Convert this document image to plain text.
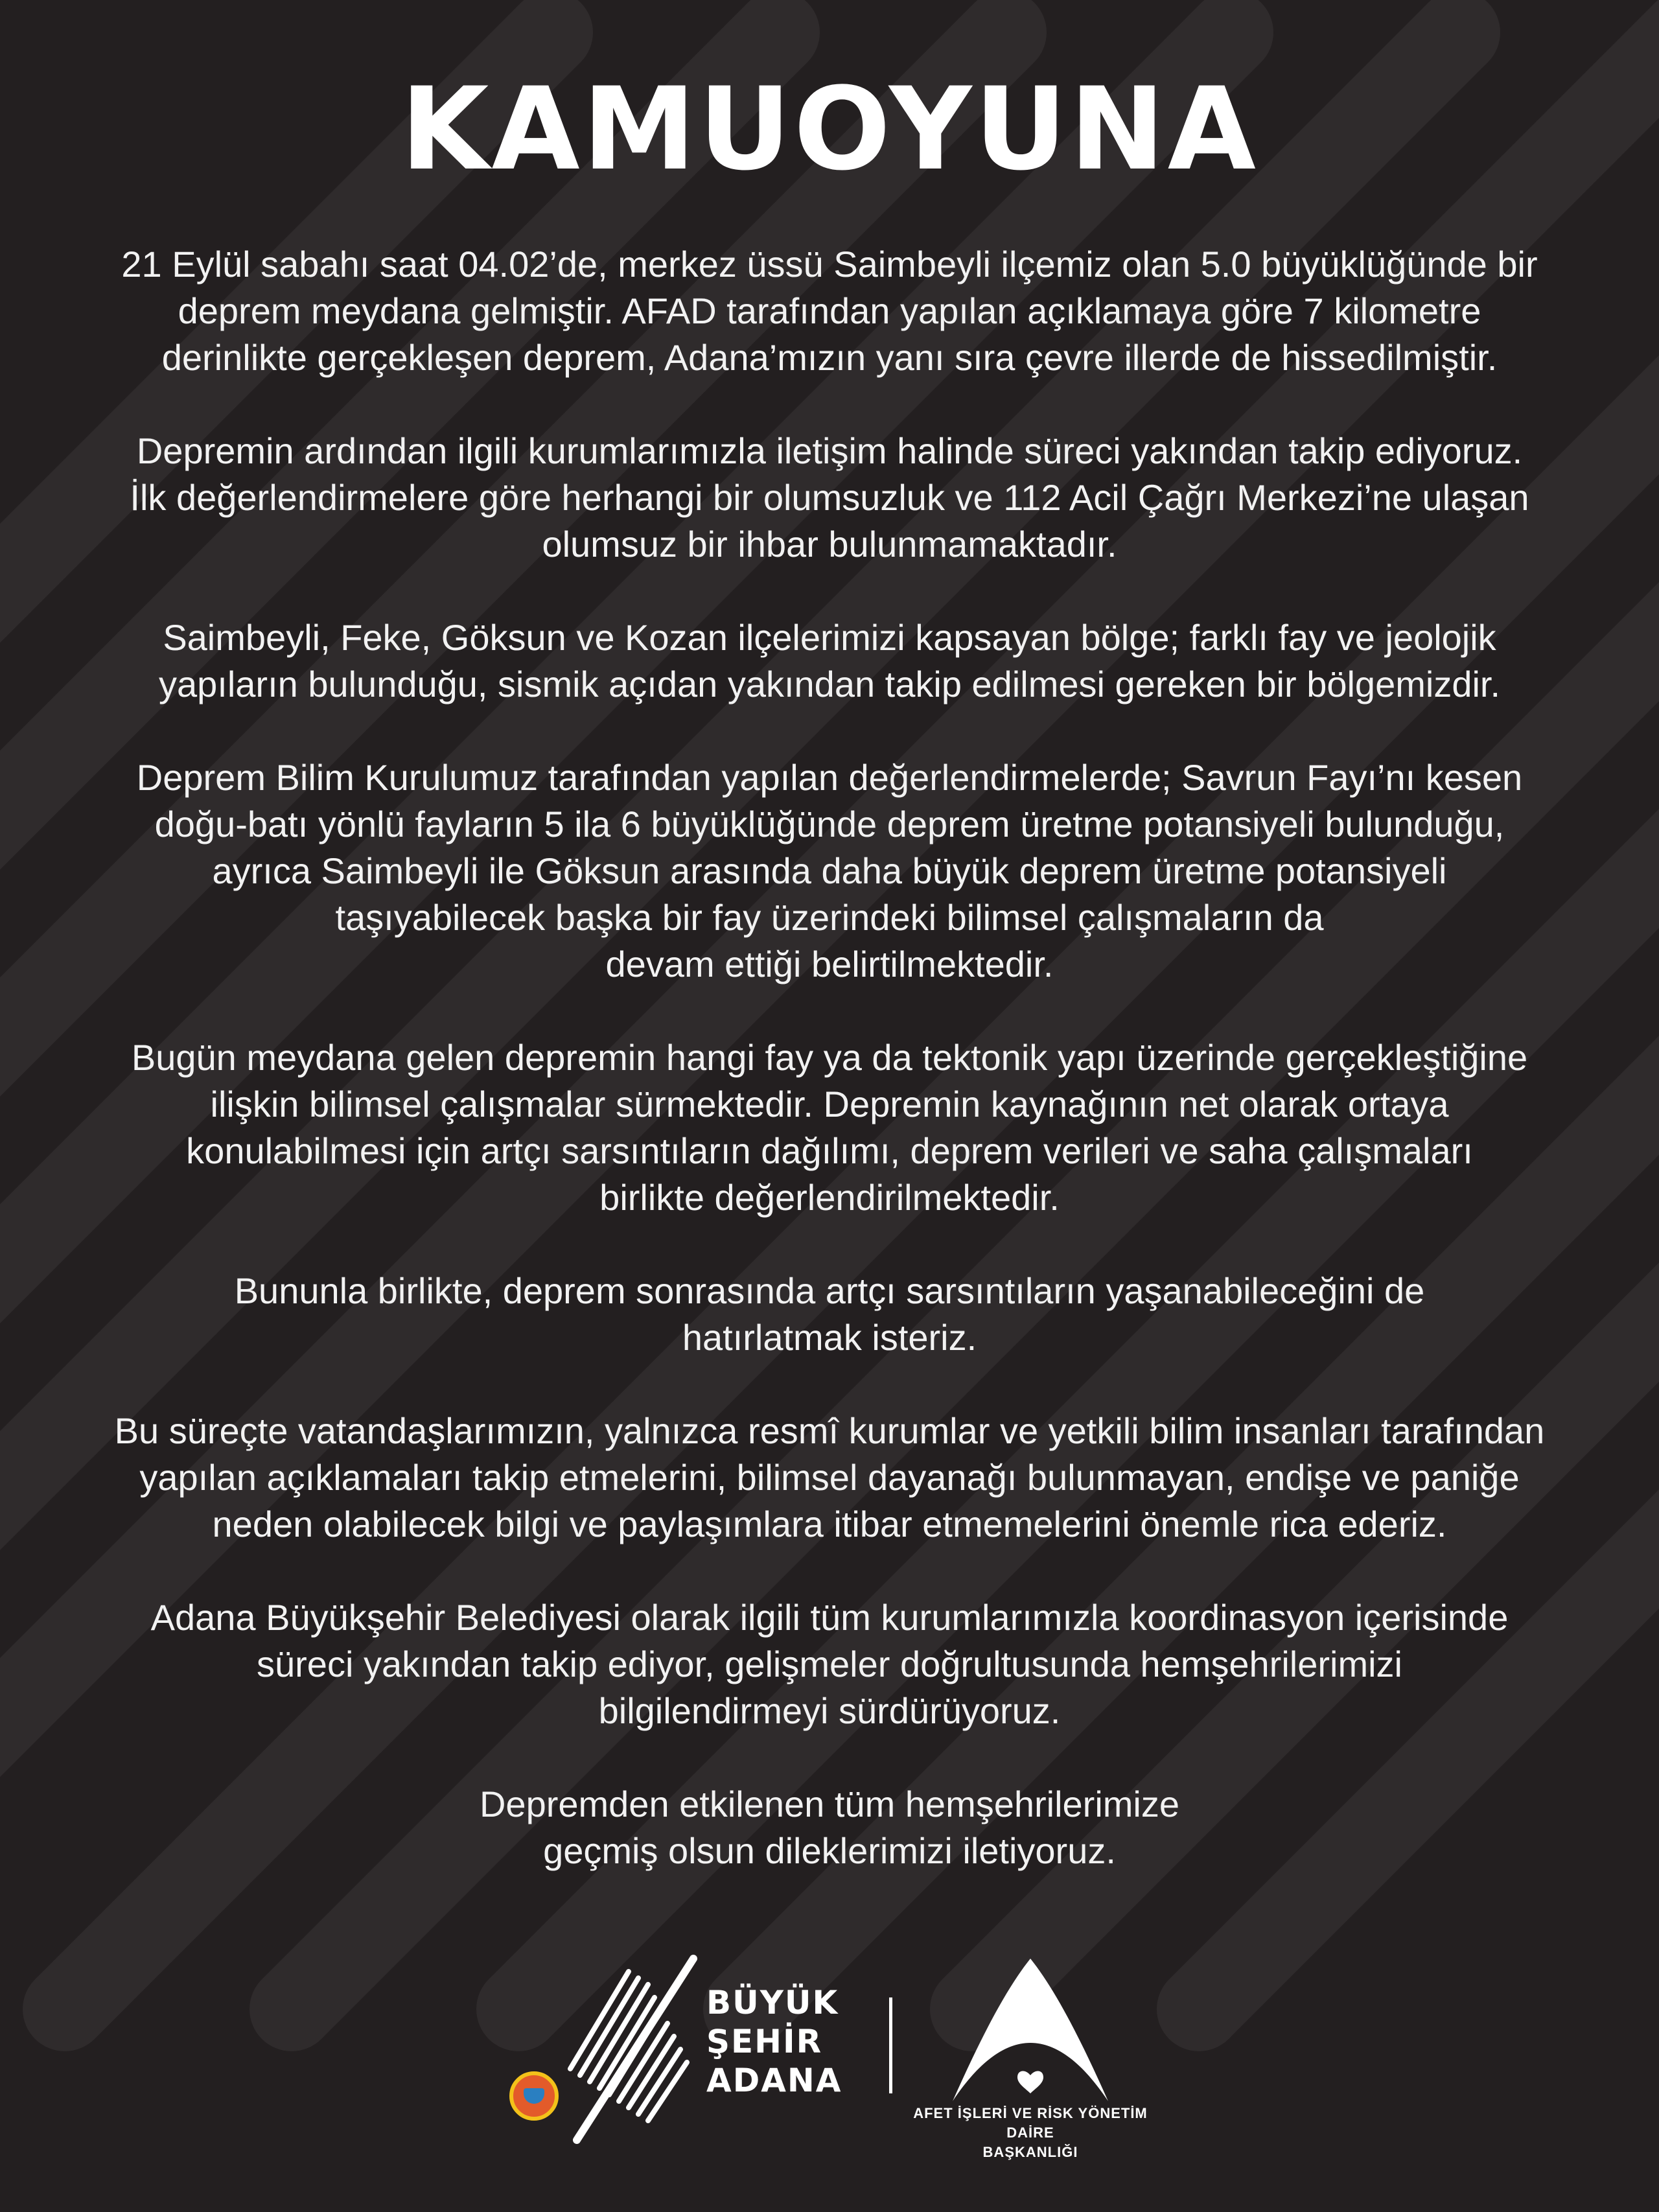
KAMUOYUNA

21 Eylül sabahı saat 04.02’de, merkez üssü Saimbeyli ilçemiz olan 5.0 büyüklüğünde bir
deprem meydana gelmiştir. AFAD tarafından yapılan açıklamaya göre 7 kilometre
derinlikte gerçekleşen deprem, Adana’mızın yanı sıra çevre illerde de hissedilmiştir.

Depremin ardından ilgili kurumlarımızla iletişim halinde süreci yakından takip ediyoruz.
İlk değerlendirmelere göre herhangi bir olumsuzluk ve 112 Acil Çağrı Merkezi’ne ulaşan
olumsuz bir ihbar bulunmamaktadır.

Saimbeyli, Feke, Göksun ve Kozan ilçelerimizi kapsayan bölge; farklı fay ve jeolojik
yapıların bulunduğu, sismik açıdan yakından takip edilmesi gereken bir bölgemizdir.

Deprem Bilim Kurulumuz tarafından yapılan değerlendirmelerde; Savrun Fayı’nı kesen
doğu-batı yönlü fayların 5 ila 6 büyüklüğünde deprem üretme potansiyeli bulunduğu,
ayrıca Saimbeyli ile Göksun arasında daha büyük deprem üretme potansiyeli
taşıyabilecek başka bir fay üzerindeki bilimsel çalışmaların da
devam ettiği belirtilmektedir.

Bugün meydana gelen depremin hangi fay ya da tektonik yapı üzerinde gerçekleştiğine
ilişkin bilimsel çalışmalar sürmektedir. Depremin kaynağının net olarak ortaya
konulabilmesi için artçı sarsıntıların dağılımı, deprem verileri ve saha çalışmaları
birlikte değerlendirilmektedir.

Bununla birlikte, deprem sonrasında artçı sarsıntıların yaşanabileceğini de
hatırlatmak isteriz.

Bu süreçte vatandaşlarımızın, yalnızca resmî kurumlar ve yetkili bilim insanları tarafından
yapılan açıklamaları takip etmelerini, bilimsel dayanağı bulunmayan, endişe ve paniğe
neden olabilecek bilgi ve paylaşımlara itibar etmemelerini önemle rica ederiz.

Adana Büyükşehir Belediyesi olarak ilgili tüm kurumlarımızla koordinasyon içerisinde
süreci yakından takip ediyor, gelişmeler doğrultusunda hemşehrilerimizi
bilgilendirmeyi sürdürüyoruz.

Depremden etkilenen tüm hemşehrilerimize
geçmiş olsun dileklerimizi iletiyoruz.

BÜYÜK
ŞEHİR
ADANA
AFET İŞLERİ VE RİSK YÖNETİM DAİRE
BAŞKANLIĞI
